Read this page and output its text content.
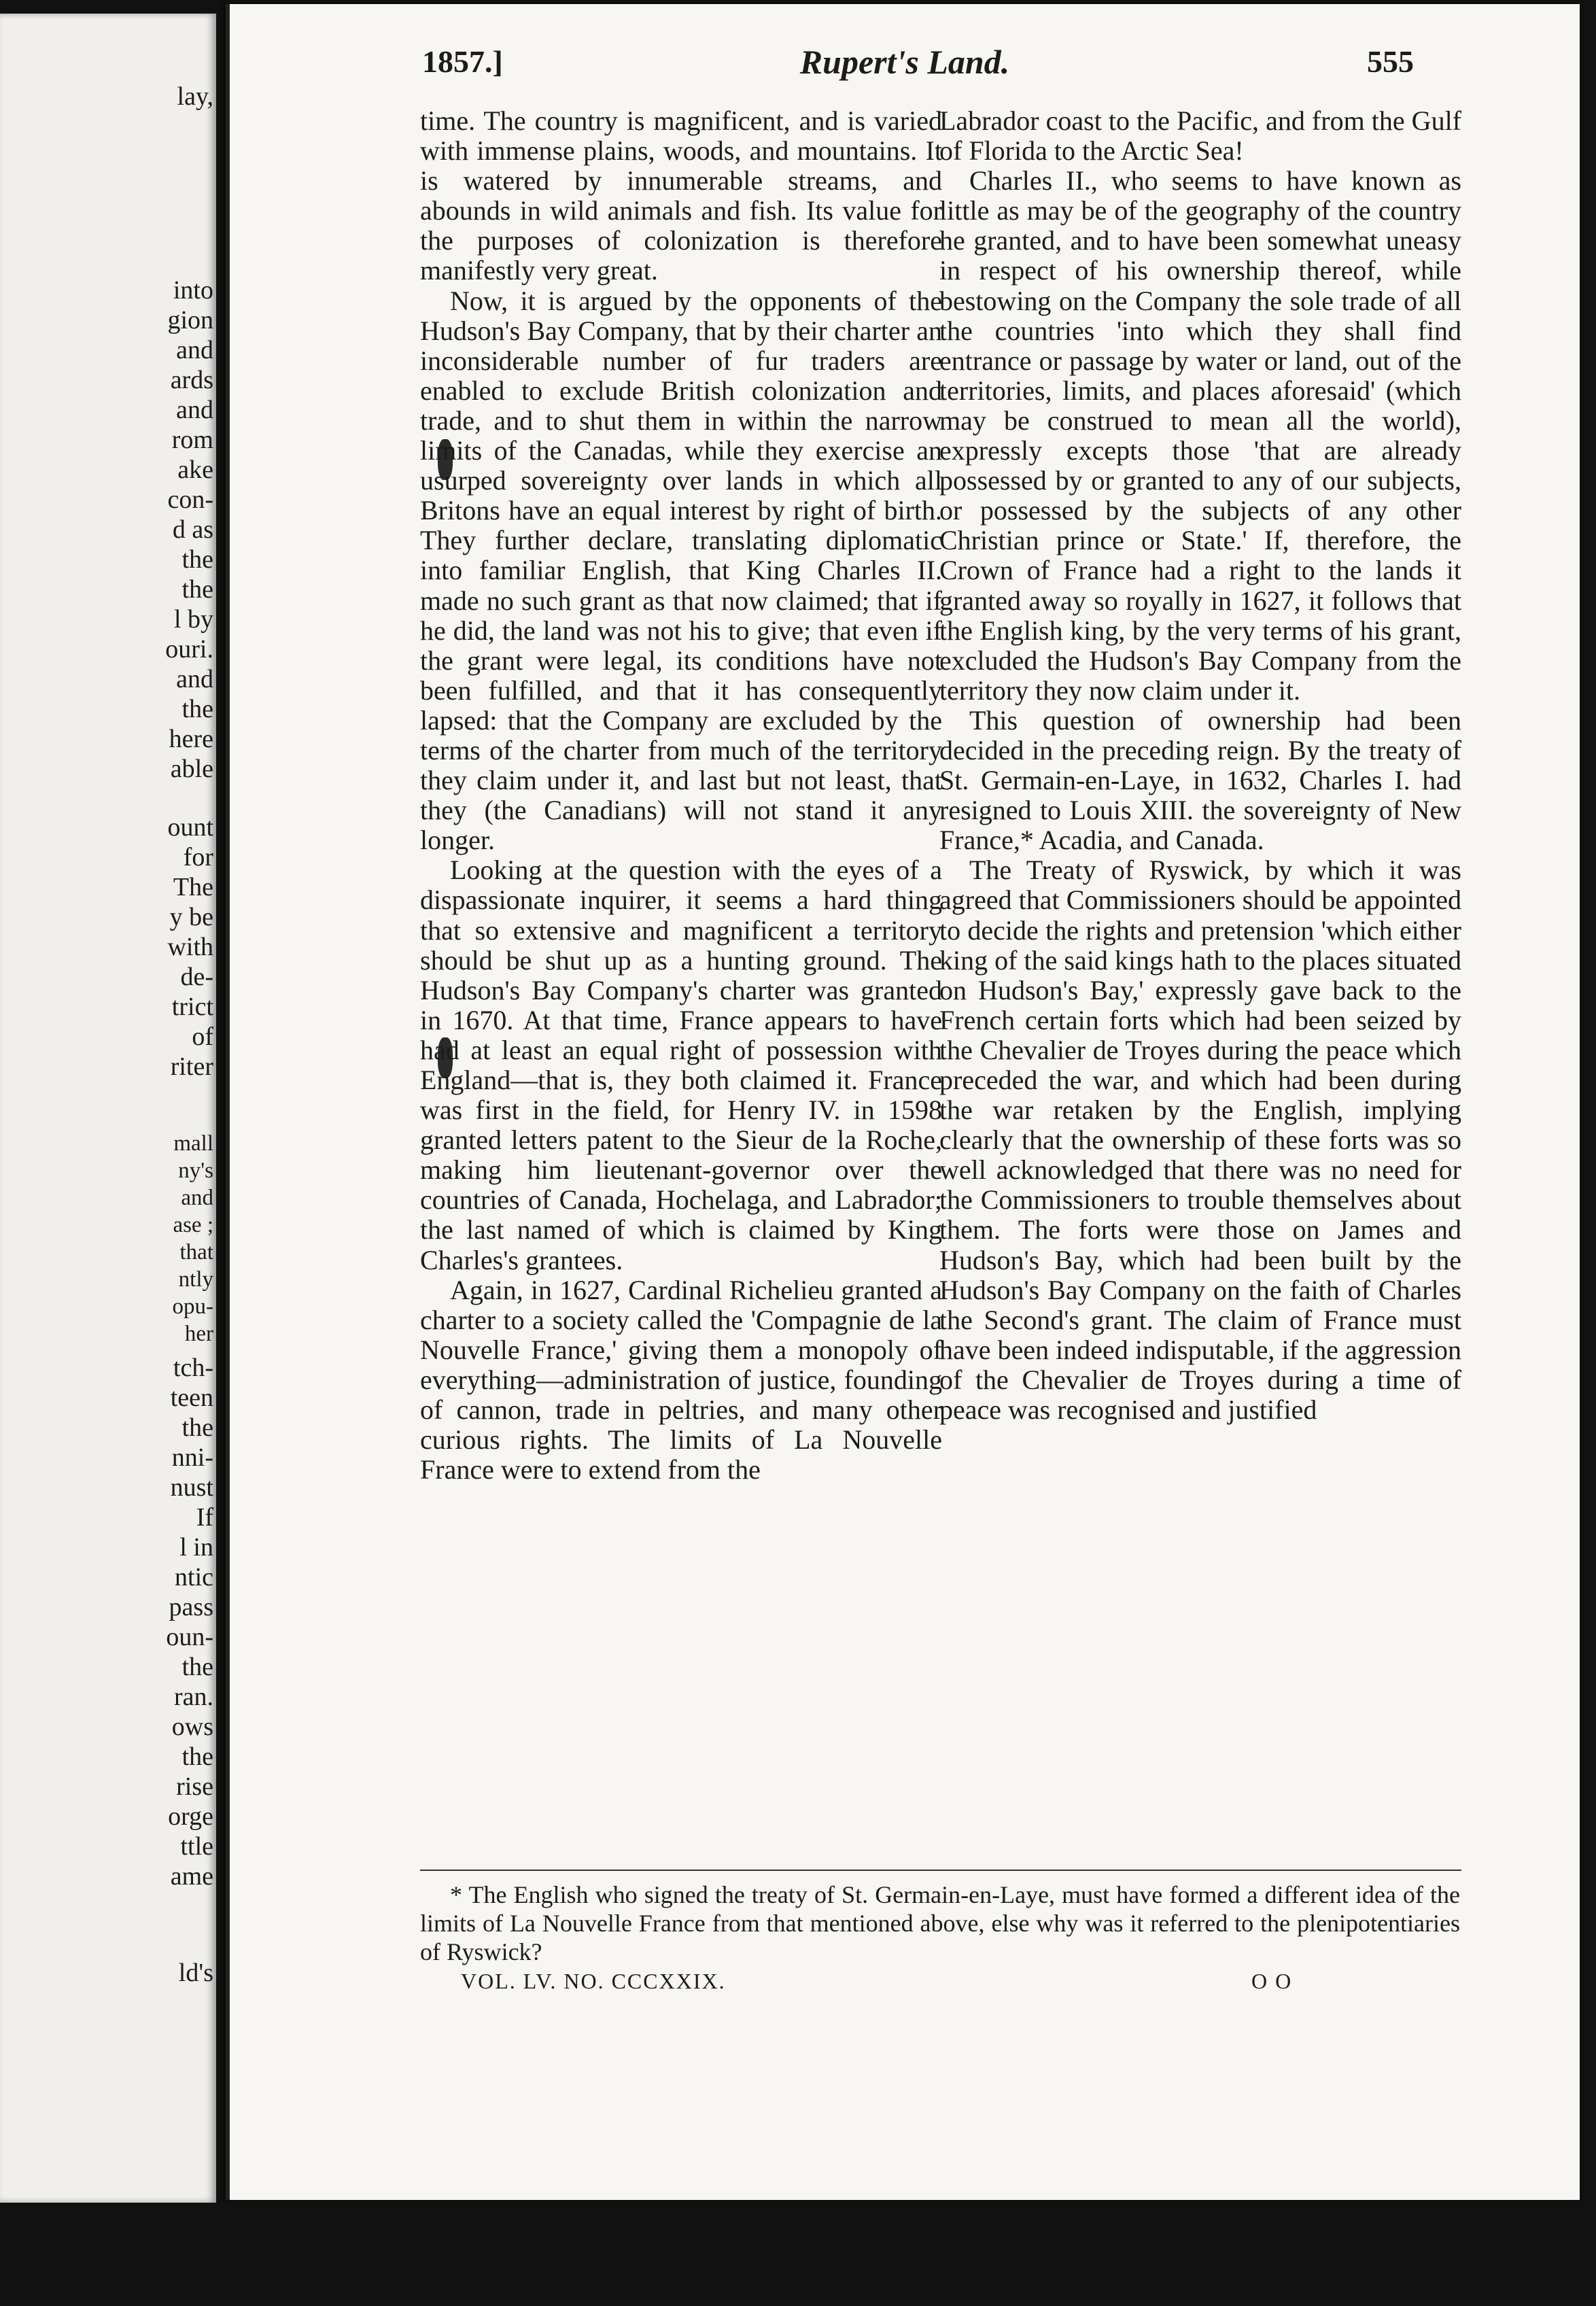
lay,
into
gion
and
ards
and
rom
ake
con-
d as
the
the
l by
ouri.
and
the
here
able
ount
for
The
y be
with
de-
trict
of
riter
mall
ny's
and
ase ;
that
ntly
opu-
her
tch-
teen
the
nni-
nust
If
l in
ntic
pass
oun-
the
ran.
ows
the
rise
orge
ttle
ame
ld's
Rupert's Land.
1857.]	555

time. The country is magnificent, and is varied with immense plains, woods, and mountains. It is watered by innumerable streams, and abounds in wild animals and fish. Its value for the purposes of colonization is therefore manifestly very great.

Now, it is argued by the opponents of the Hudson's Bay Company, that by their charter an inconsiderable number of fur traders are enabled to exclude British colonization and trade, and to shut them in within the narrow limits of the Canadas, while they exercise an usurped sovereignty over lands in which all Britons have an equal interest by right of birth. They further declare, translating diplomatic into familiar English, that King Charles II. made no such grant as that now claimed; that if he did, the land was not his to give; that even if the grant were legal, its conditions have not been fulfilled, and that it has consequently lapsed: that the Company are excluded by the terms of the charter from much of the territory they claim under it, and last but not least, that they (the Canadians) will not stand it any longer.

Looking at the question with the eyes of a dispassionate inquirer, it seems a hard thing that so extensive and magnificent a territory should be shut up as a hunting ground. The Hudson's Bay Company's charter was granted in 1670. At that time, France appears to have had at least an equal right of possession with England—that is, they both claimed it. France was first in the field, for Henry IV. in 1598 granted letters patent to the Sieur de la Roche, making him lieutenant-governor over the countries of Canada, Hochelaga, and Labrador; the last named of which is claimed by King Charles's grantees.

Again, in 1627, Cardinal Richelieu granted a charter to a society called the 'Compagnie de la Nouvelle France,' giving them a monopoly of everything—administration of justice, founding of cannon, trade in peltries, and many other curious rights. The limits of La Nouvelle France were to extend from the

Labrador coast to the Pacific, and from the Gulf of Florida to the Arctic Sea!

Charles II., who seems to have known as little as may be of the geography of the country he granted, and to have been somewhat uneasy in respect of his ownership thereof, while bestowing on the Company the sole trade of all the countries 'into which they shall find entrance or passage by water or land, out of the territories, limits, and places aforesaid' (which may be construed to mean all the world), expressly excepts those 'that are already possessed by or granted to any of our subjects, or possessed by the subjects of any other Christian prince or State.' If, therefore, the Crown of France had a right to the lands it granted away so royally in 1627, it follows that the English king, by the very terms of his grant, excluded the Hudson's Bay Company from the territory they now claim under it.

This question of ownership had been decided in the preceding reign. By the treaty of St. Germain-en-Laye, in 1632, Charles I. had resigned to Louis XIII. the sovereignty of New France,* Acadia, and Canada.

The Treaty of Ryswick, by which it was agreed that Commissioners should be appointed to decide the rights and pretension 'which either king of the said kings hath to the places situated on Hudson's Bay,' expressly gave back to the French certain forts which had been seized by the Chevalier de Troyes during the peace which preceded the war, and which had been during the war retaken by the English, implying clearly that the ownership of these forts was so well acknowledged that there was no need for the Commissioners to trouble themselves about them. The forts were those on James and Hudson's Bay, which had been built by the Hudson's Bay Company on the faith of Charles the Second's grant. The claim of France must have been indeed indisputable, if the aggression of the Chevalier de Troyes during a time of peace was recognised and justified

* The English who signed the treaty of St. Germain-en-Laye, must have formed a different idea of the limits of La Nouvelle France from that mentioned above, else why was it referred to the plenipotentiaries of Ryswick?
VOL. LV. NO. CCCXXIX.	O O
